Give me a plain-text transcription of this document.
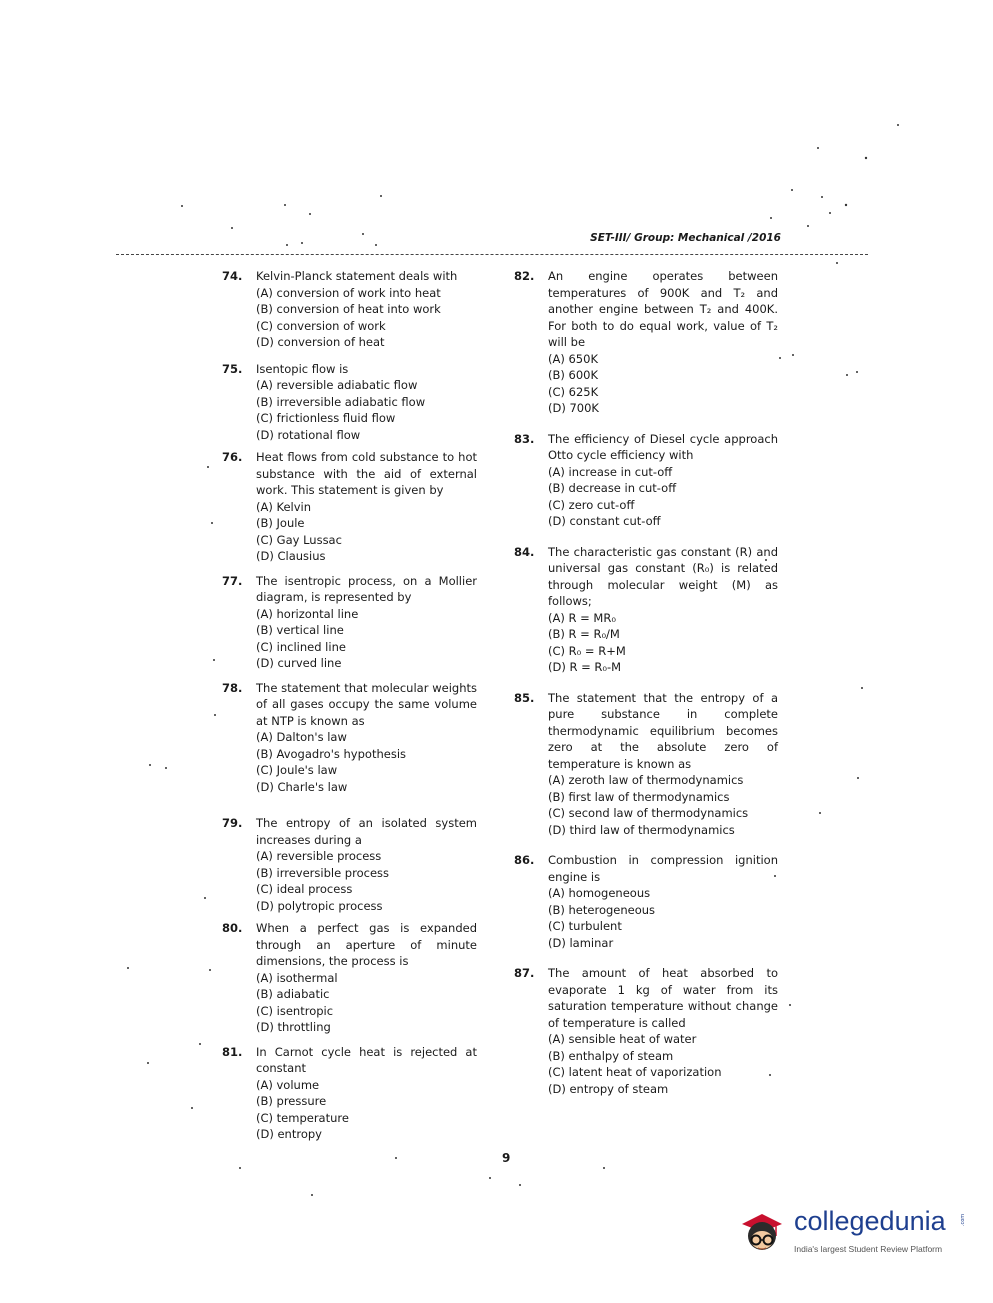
SET-III/ Group: Mechanical /2016
74.	Kelvin-Planck statement deals with
(A) conversion of work into heat
(B) conversion of heat into work
(C) conversion of work
(D) conversion of heat
75.	Isentopic flow is
(A) reversible adiabatic flow
(B) irreversible adiabatic flow
(C) frictionless fluid flow
(D) rotational flow
76.	Heat flows from cold substance to hot substance with the aid of external work. This statement is given by
(A) Kelvin
(B) Joule
(C) Gay Lussac
(D) Clausius
77.	The isentropic process, on a Mollier diagram, is represented by
(A) horizontal line
(B) vertical line
(C) inclined line
(D) curved line
78.	The statement that molecular weights of all gases occupy the same volume at NTP is known as
(A) Dalton's law
(B) Avogadro's hypothesis
(C) Joule's law
(D) Charle's law
79.	The entropy of an isolated system increases during a
(A) reversible process
(B) irreversible process
(C) ideal process
(D) polytropic process
80.	When a perfect gas is expanded through an aperture of minute dimensions, the process is
(A) isothermal
(B) adiabatic
(C) isentropic
(D) throttling
81.	In Carnot cycle heat is rejected at constant
(A) volume
(B) pressure
(C) temperature
(D) entropy
82.	An engine operates between temperatures of 900K and T₂ and another engine between T₂ and 400K. For both to do equal work, value of T₂ will be
(A) 650K
(B) 600K
(C) 625K
(D) 700K
83.	The efficiency of Diesel cycle approach Otto cycle efficiency with
(A) increase in cut-off
(B) decrease in cut-off
(C) zero cut-off
(D) constant cut-off
84.	The characteristic gas constant (R) and universal gas constant (R₀) is related through molecular weight (M) as follows;
(A) R = MR₀
(B) R = R₀/M
(C) R₀ = R+M
(D) R = R₀-M
85.	The statement that the entropy of a pure substance in complete thermodynamic equilibrium becomes zero at the absolute zero of temperature is known as
(A) zeroth law of thermodynamics
(B) first law of thermodynamics
(C) second law of thermodynamics
(D) third law of thermodynamics
86.	Combustion in compression ignition engine is
(A) homogeneous
(B) heterogeneous
(C) turbulent
(D) laminar
87.	The amount of heat absorbed to evaporate 1 kg of water from its saturation temperature without change of temperature is called
(A) sensible heat of water
(B) enthalpy of steam
(C) latent heat of vaporization
(D) entropy of steam
9
collegedunia	.com
India's largest Student Review Platform
